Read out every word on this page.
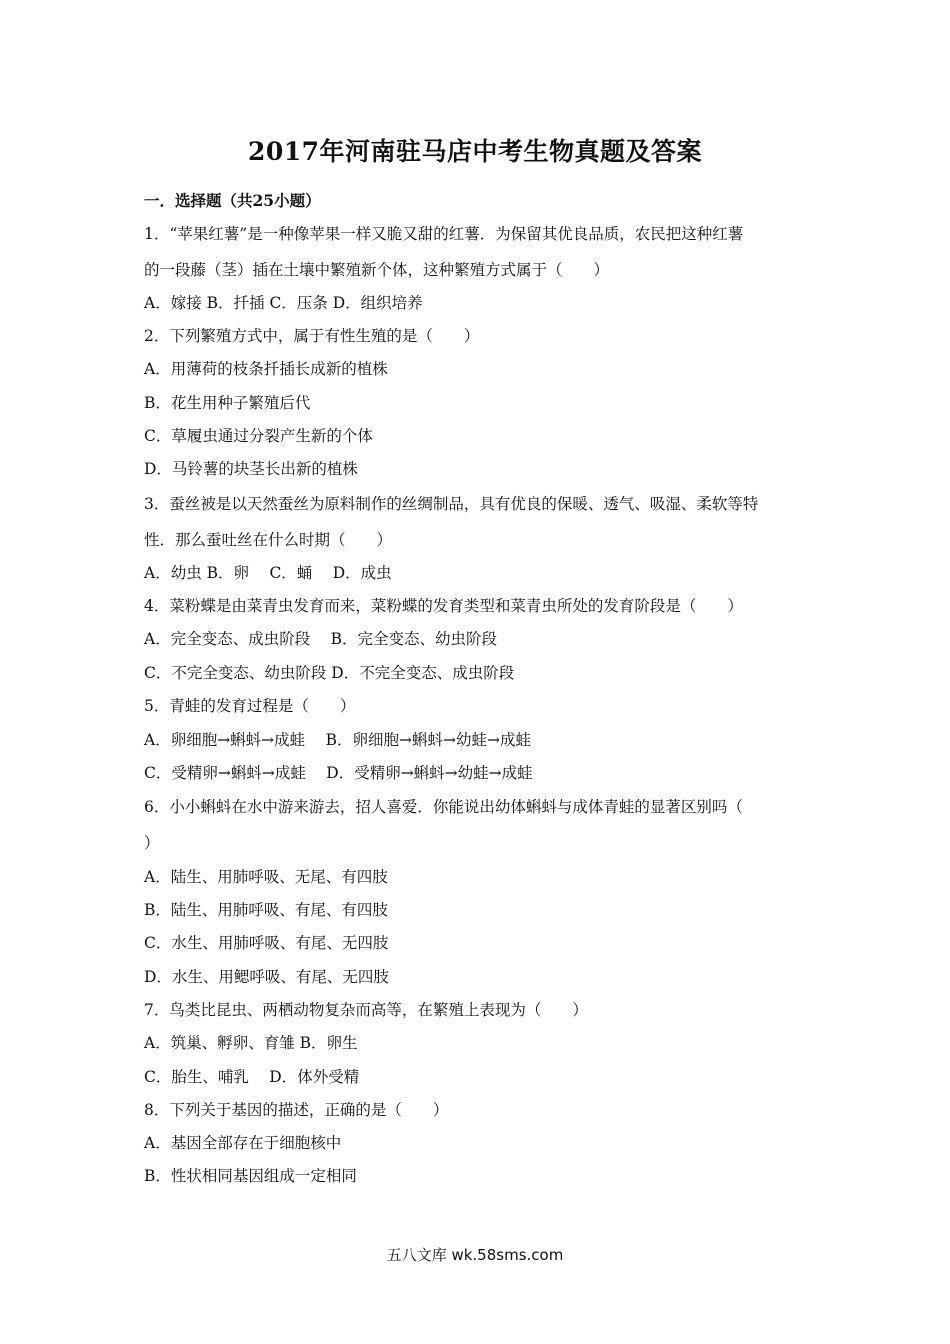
2017年河南驻马店中考生物真题及答案
一．选择题（共25小题）
1．“苹果红薯”是一种像苹果一样又脆又甜的红薯．为保留其优良品质，农民把这种红薯
的一段藤（茎）插在土壤中繁殖新个体，这种繁殖方式属于（　　）
A．嫁接 B．扦插 C．压条 D．组织培养
2．下列繁殖方式中，属于有性生殖的是（　　）
A．用薄荷的枝条扦插长成新的植株
B．花生用种子繁殖后代
C．草履虫通过分裂产生新的个体
D．马铃薯的块茎长出新的植株
3．蚕丝被是以天然蚕丝为原料制作的丝绸制品，具有优良的保暖、透气、吸湿、柔软等特
性．那么蚕吐丝在什么时期（　　）
A．幼虫 B．卵　 C．蛹　 D．成虫
4．菜粉蝶是由菜青虫发育而来，菜粉蝶的发育类型和菜青虫所处的发育阶段是（　　）
A．完全变态、成虫阶段　 B．完全变态、幼虫阶段
C．不完全变态、幼虫阶段 D．不完全变态、成虫阶段
5．青蛙的发育过程是（　　）
A．卵细胞→蝌蚪→成蛙　 B．卵细胞→蝌蚪→幼蛙→成蛙
C．受精卵→蝌蚪→成蛙　 D．受精卵→蝌蚪→幼蛙→成蛙
6．小小蝌蚪在水中游来游去，招人喜爱．你能说出幼体蝌蚪与成体青蛙的显著区别吗（
）
A．陆生、用肺呼吸、无尾、有四肢
B．陆生、用肺呼吸、有尾、有四肢
C．水生、用肺呼吸、有尾、无四肢
D．水生、用鳃呼吸、有尾、无四肢
7．鸟类比昆虫、两栖动物复杂而高等，在繁殖上表现为（　　）
A．筑巢、孵卵、育雏 B．卵生
C．胎生、哺乳　 D．体外受精
8．下列关于基因的描述，正确的是（　　）
A．基因全部存在于细胞核中
B．性状相同基因组成一定相同
五八文库 wk.58sms.com
